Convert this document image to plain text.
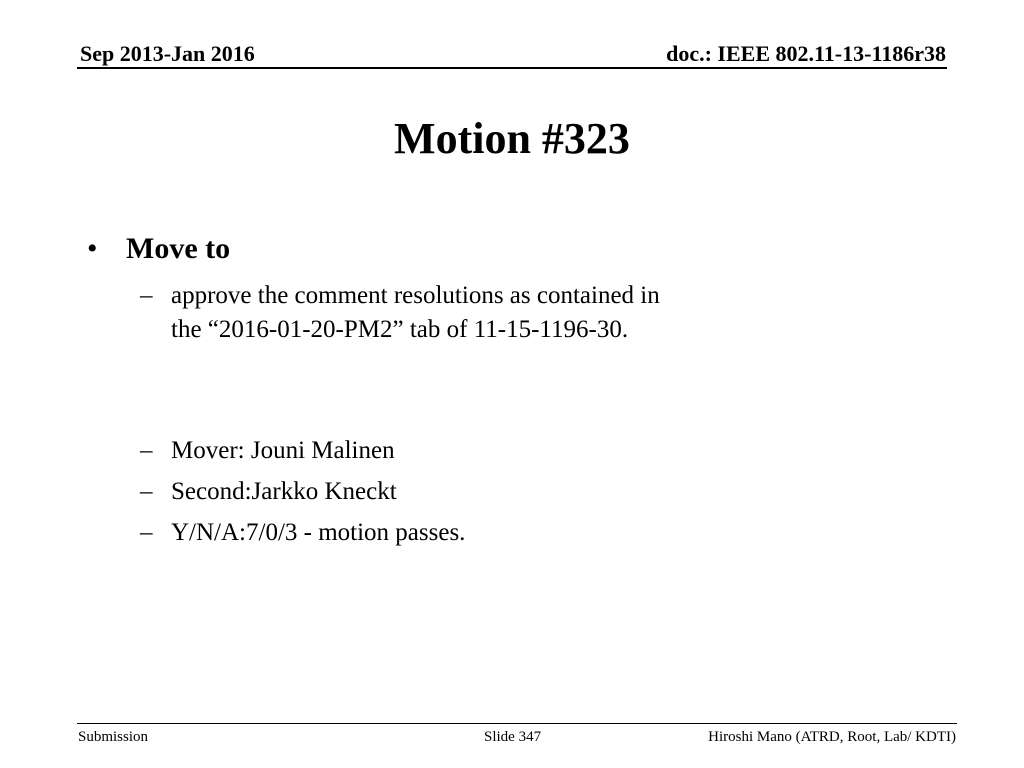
Sep 2013-Jan 2016	doc.: IEEE 802.11-13-1186r38
Motion #323
• Move to
– approve the comment resolutions as contained in
the “2016-01-20-PM2” tab of 11-15-1196-30.
– Mover: Jouni Malinen
– Second:Jarkko Kneckt
– Y/N/A:7/0/3 - motion passes.
Submission	Slide 347	Hiroshi Mano (ATRD, Root, Lab/ KDTI)
